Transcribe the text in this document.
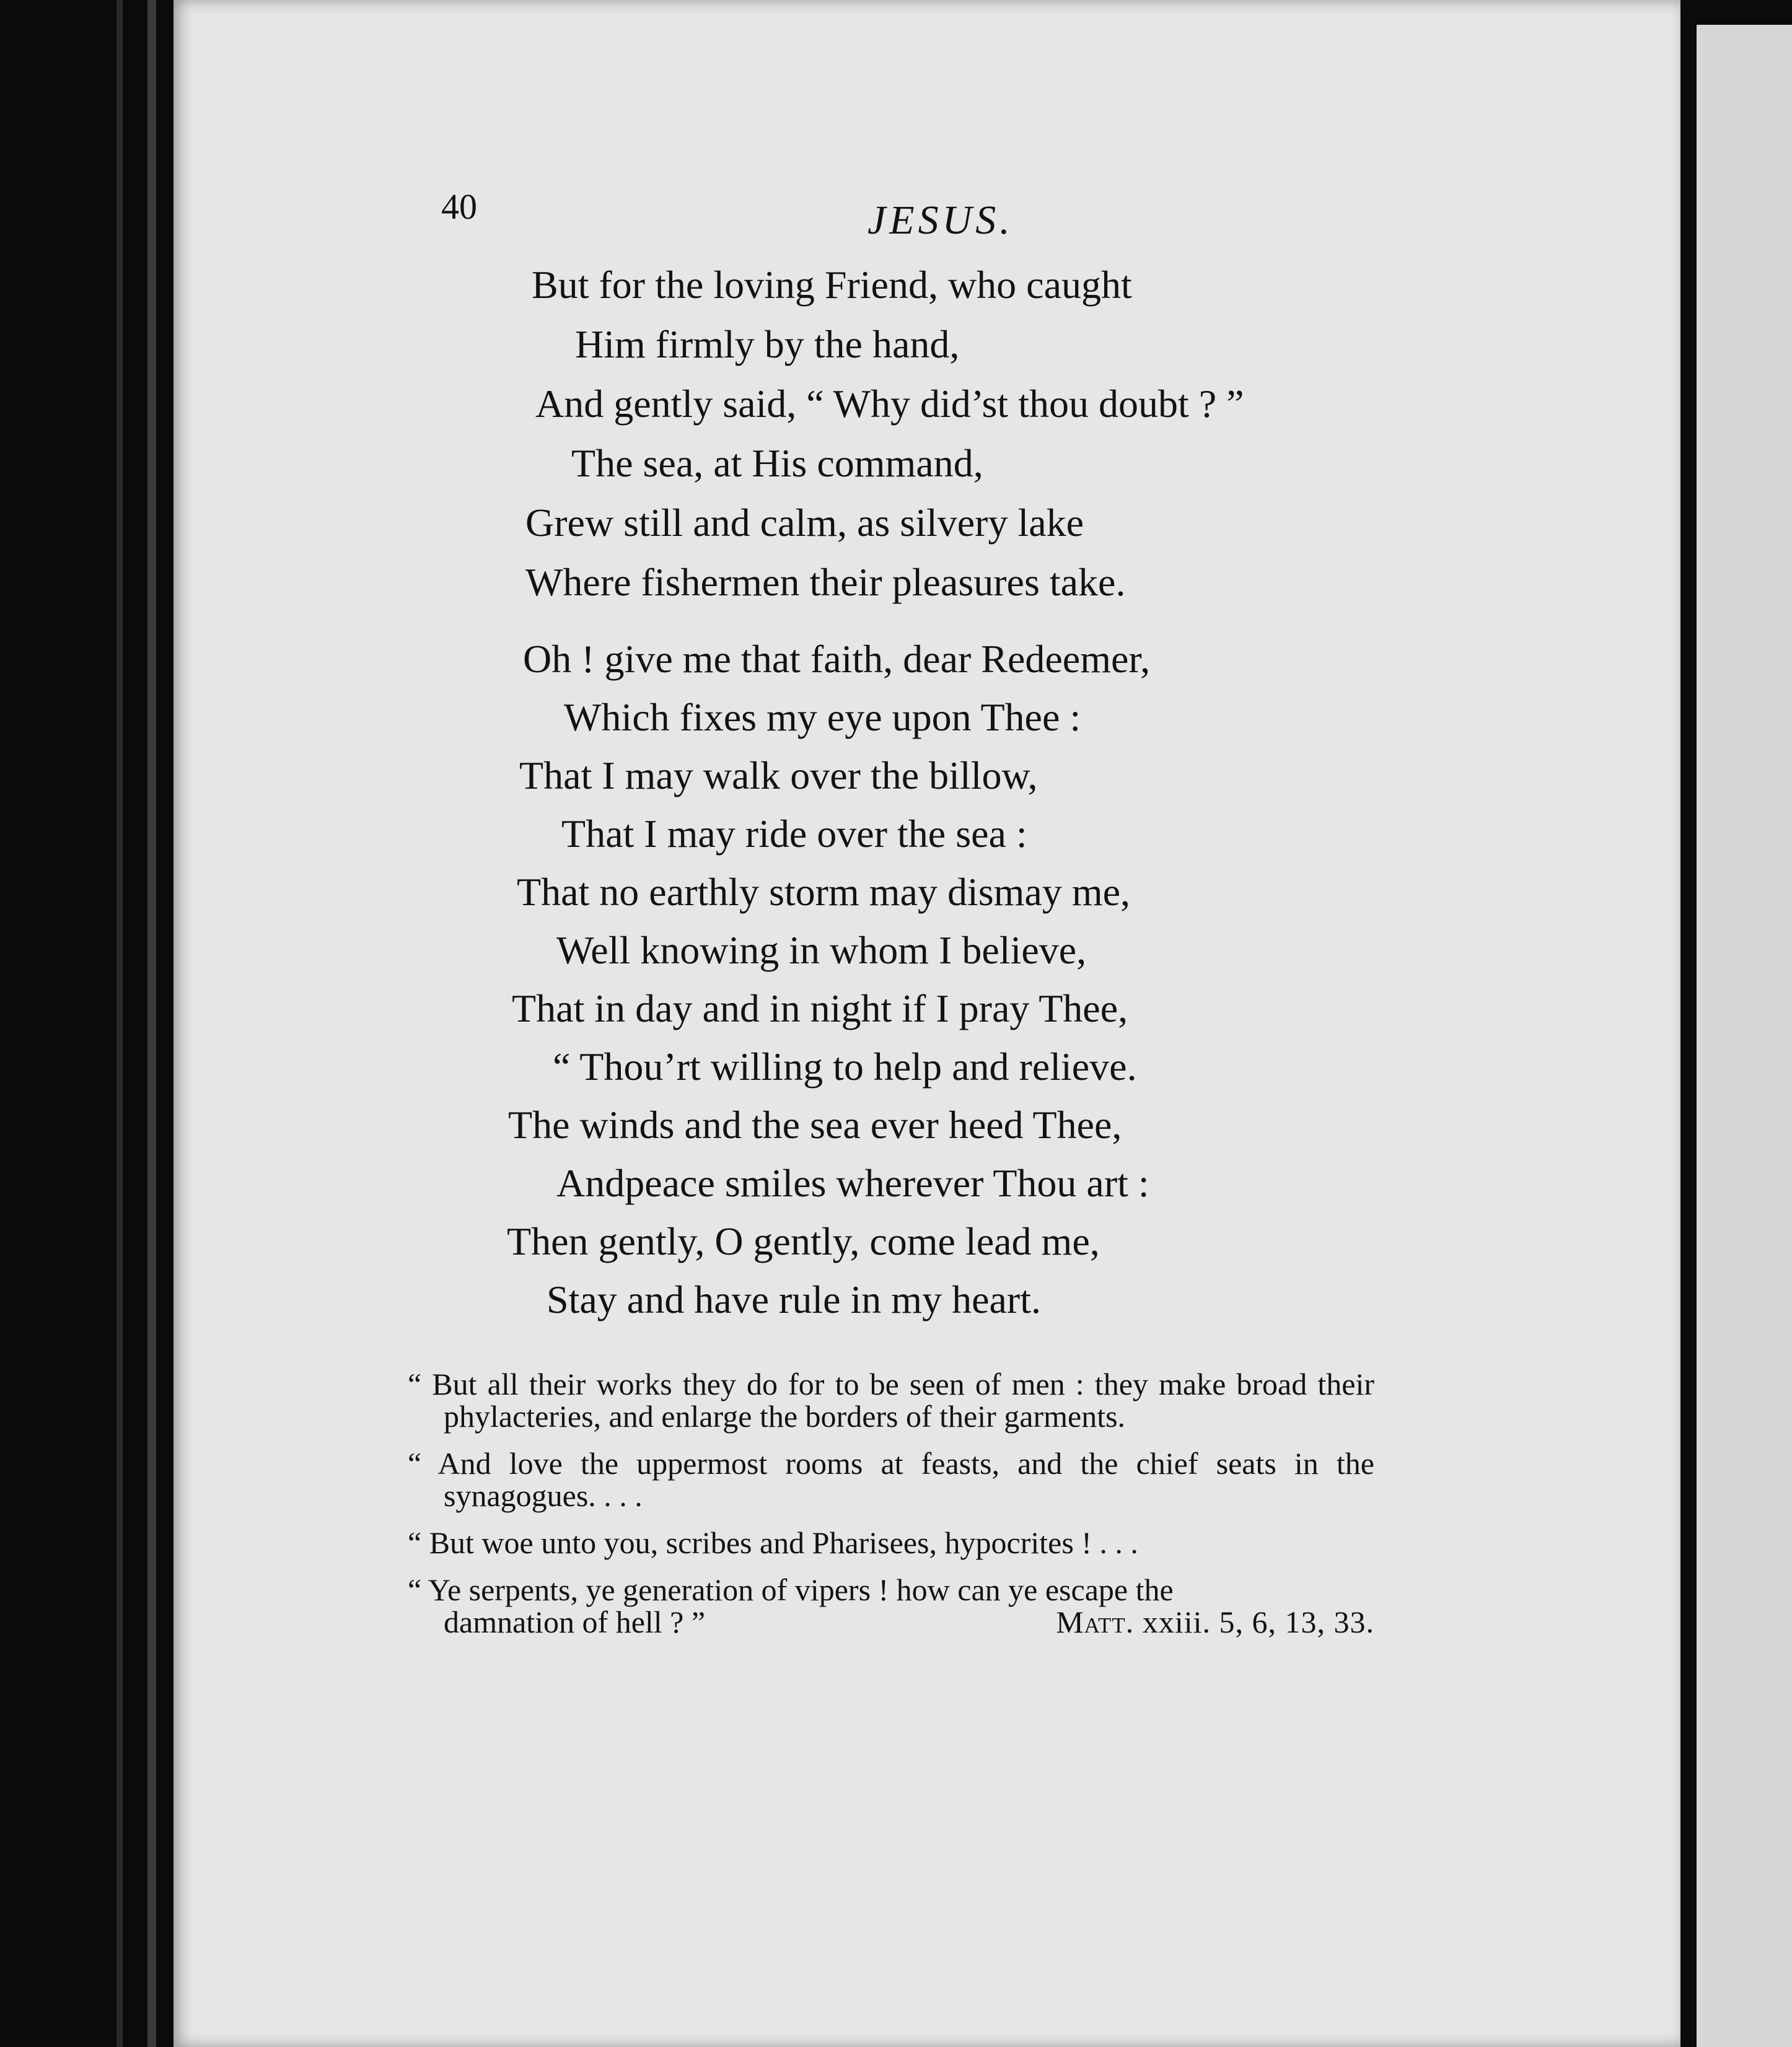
40	JESUS.
But for the loving Friend, who caught
Him firmly by the hand,
And gently said, “ Why did’st thou doubt ? ”
The sea, at His command,
Grew still and calm, as silvery lake
Where fishermen their pleasures take.
Oh ! give me that faith, dear Redeemer,
Which fixes my eye upon Thee :
That I may walk over the billow,
That I may ride over the sea :
That no earthly storm may dismay me,
Well knowing in whom I believe,
That in day and in night if I pray Thee,
“ Thou’rt willing to help and relieve.
The winds and the sea ever heed Thee,
Andpeace smiles wherever Thou art :
Then gently, O gently, come lead me,
Stay and have rule in my heart.
“ But all their works they do for to be seen of men : they make broad their phylacteries, and enlarge the borders of their garments.
“ And love the uppermost rooms at feasts, and the chief seats in the synagogues. . . .
“ But woe unto you, scribes and Pharisees, hypocrites ! . . .
“ Ye serpents, ye generation of vipers ! how can ye escape the
damnation of hell ? ”	Matt. xxiii. 5, 6, 13, 33.
